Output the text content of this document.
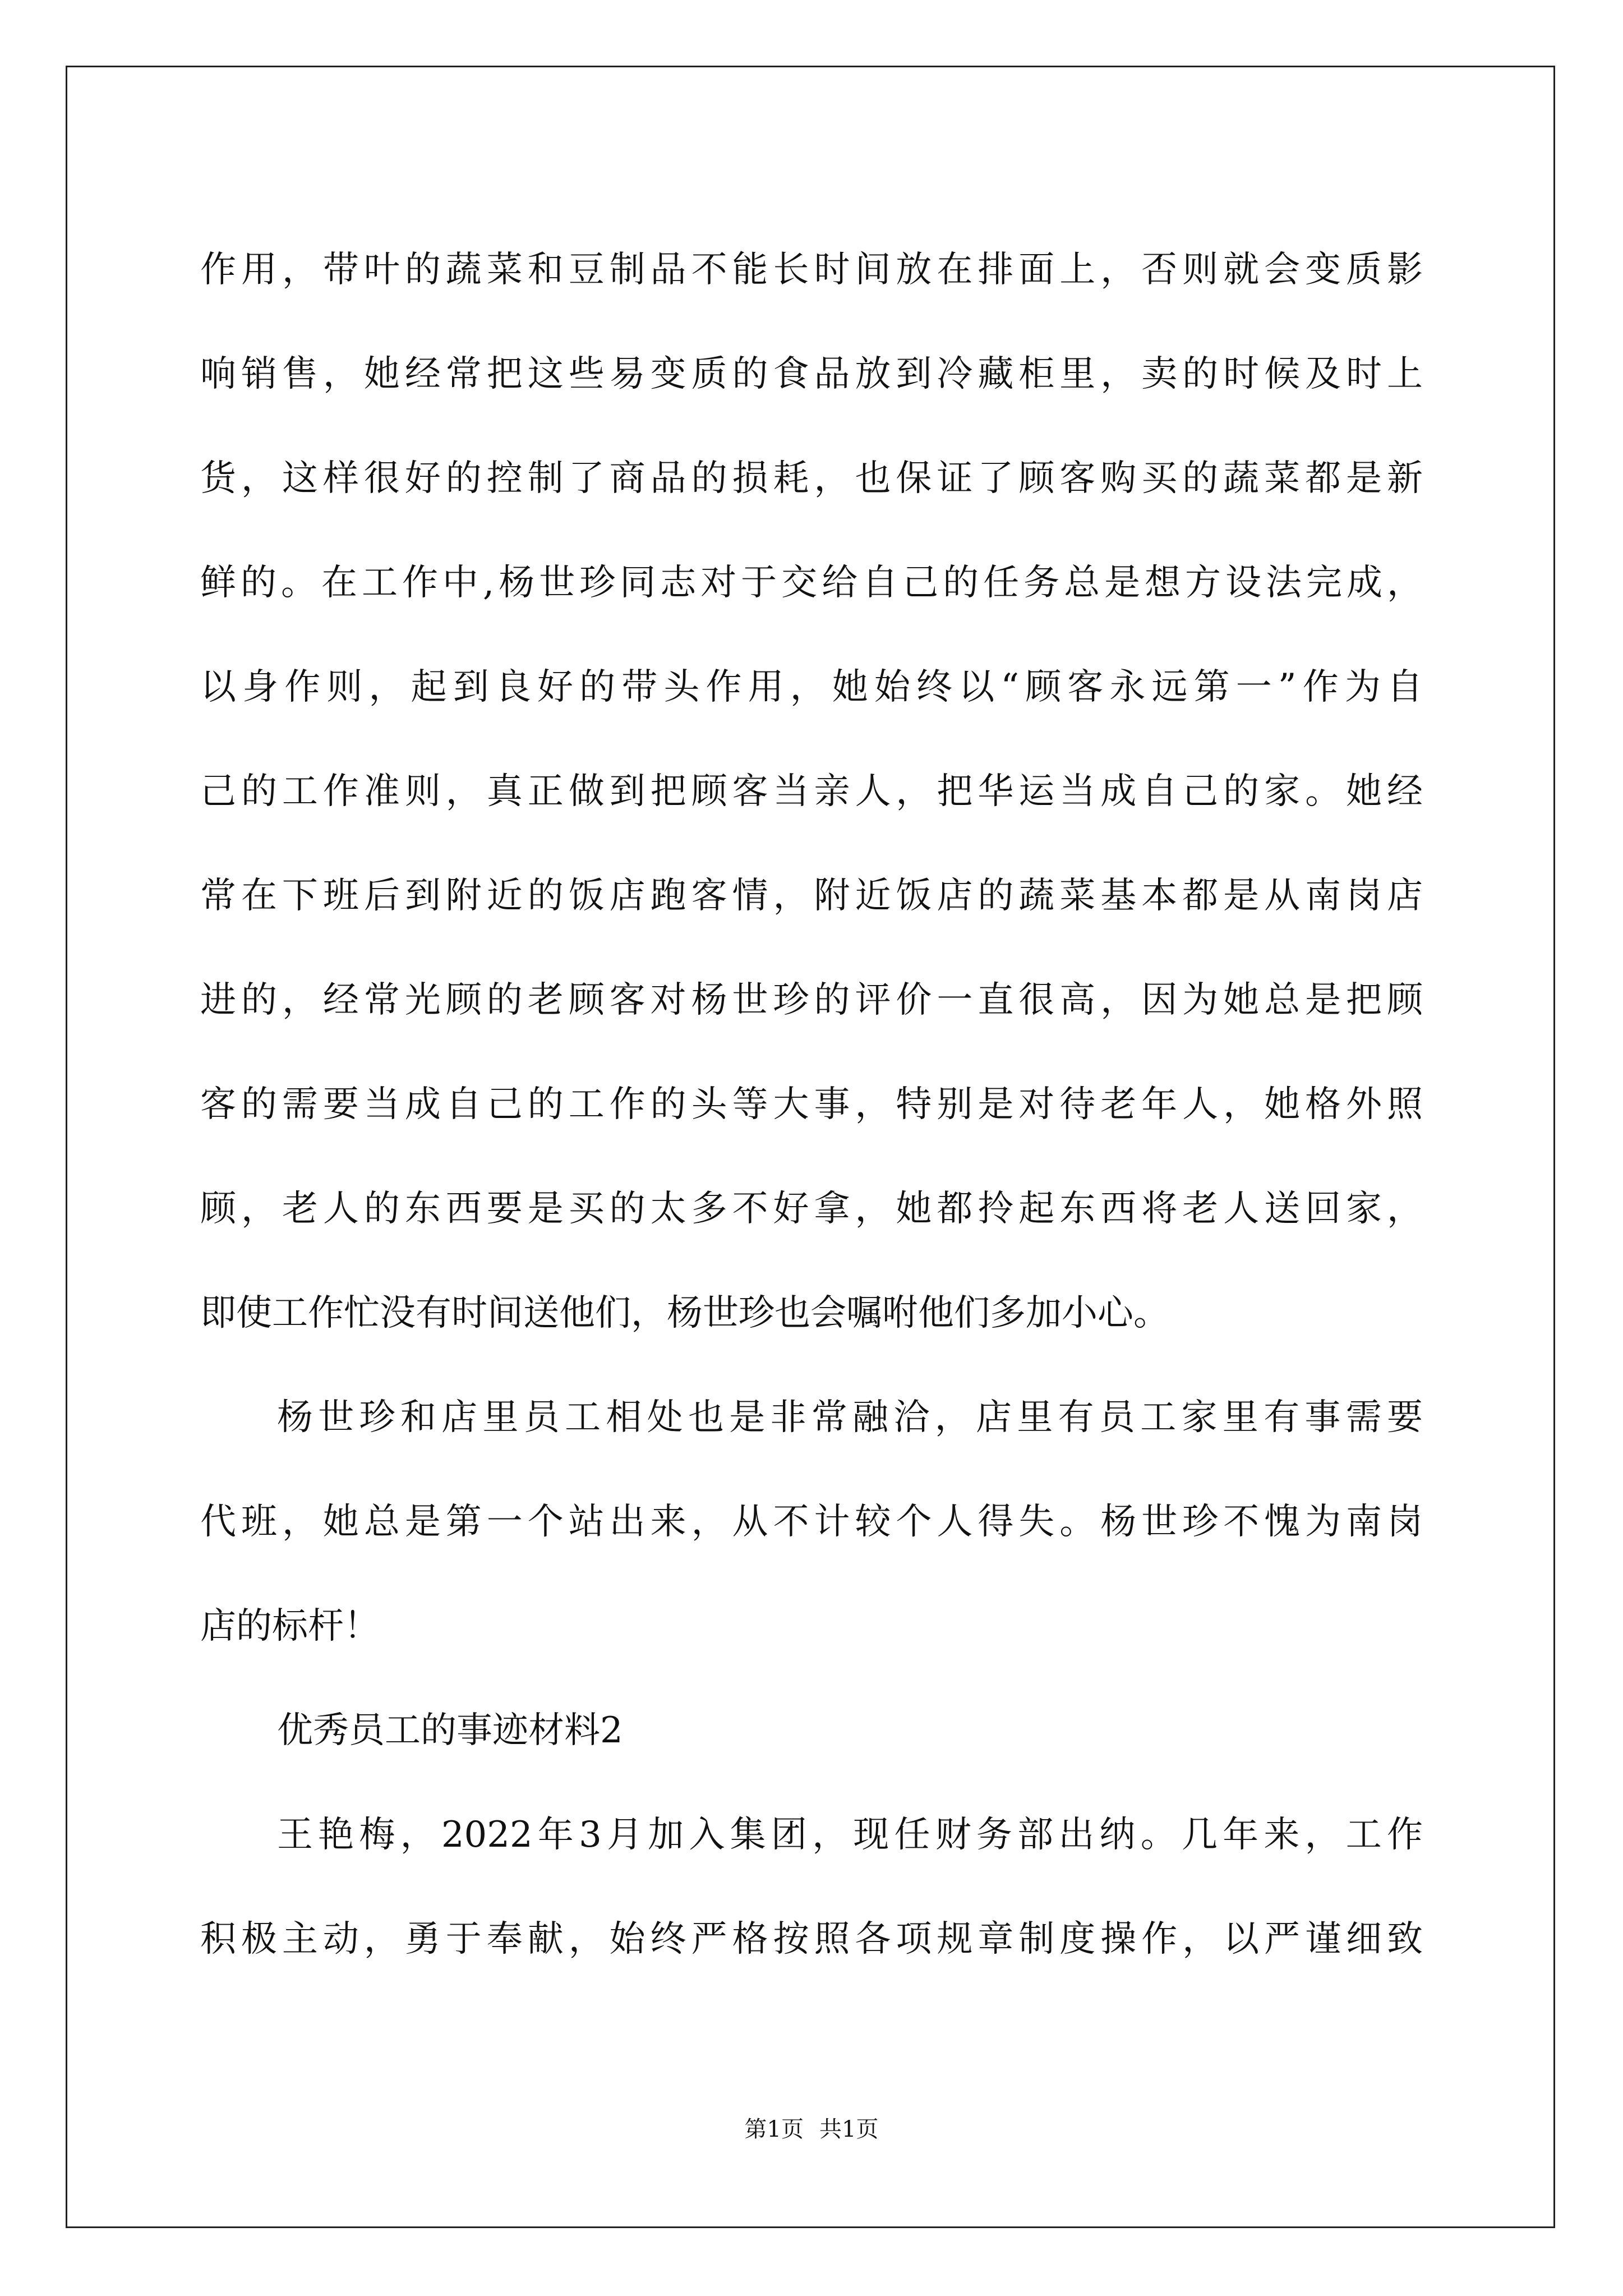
作用，带叶的蔬菜和豆制品不能长时间放在排面上，否则就会变质影
响销售，她经常把这些易变质的食品放到冷藏柜里，卖的时候及时上
货，这样很好的控制了商品的损耗，也保证了顾客购买的蔬菜都是新
鲜的。在工作中,杨世珍同志对于交给自己的任务总是想方设法完成，
以身作则，起到良好的带头作用，她始终以“顾客永远第一”作为自
己的工作准则，真正做到把顾客当亲人，把华运当成自己的家。她经
常在下班后到附近的饭店跑客情，附近饭店的蔬菜基本都是从南岗店
进的，经常光顾的老顾客对杨世珍的评价一直很高，因为她总是把顾
客的需要当成自己的工作的头等大事，特别是对待老年人，她格外照
顾，老人的东西要是买的太多不好拿，她都拎起东西将老人送回家，
即使工作忙没有时间送他们，杨世珍也会嘱咐他们多加小心。
杨世珍和店里员工相处也是非常融洽，店里有员工家里有事需要
代班，她总是第一个站出来，从不计较个人得失。杨世珍不愧为南岗
店的标杆！
优秀员工的事迹材料2
王艳梅，2022年3月加入集团，现任财务部出纳。几年来，工作
积极主动，勇于奉献，始终严格按照各项规章制度操作，以严谨细致
第1页 共1页
